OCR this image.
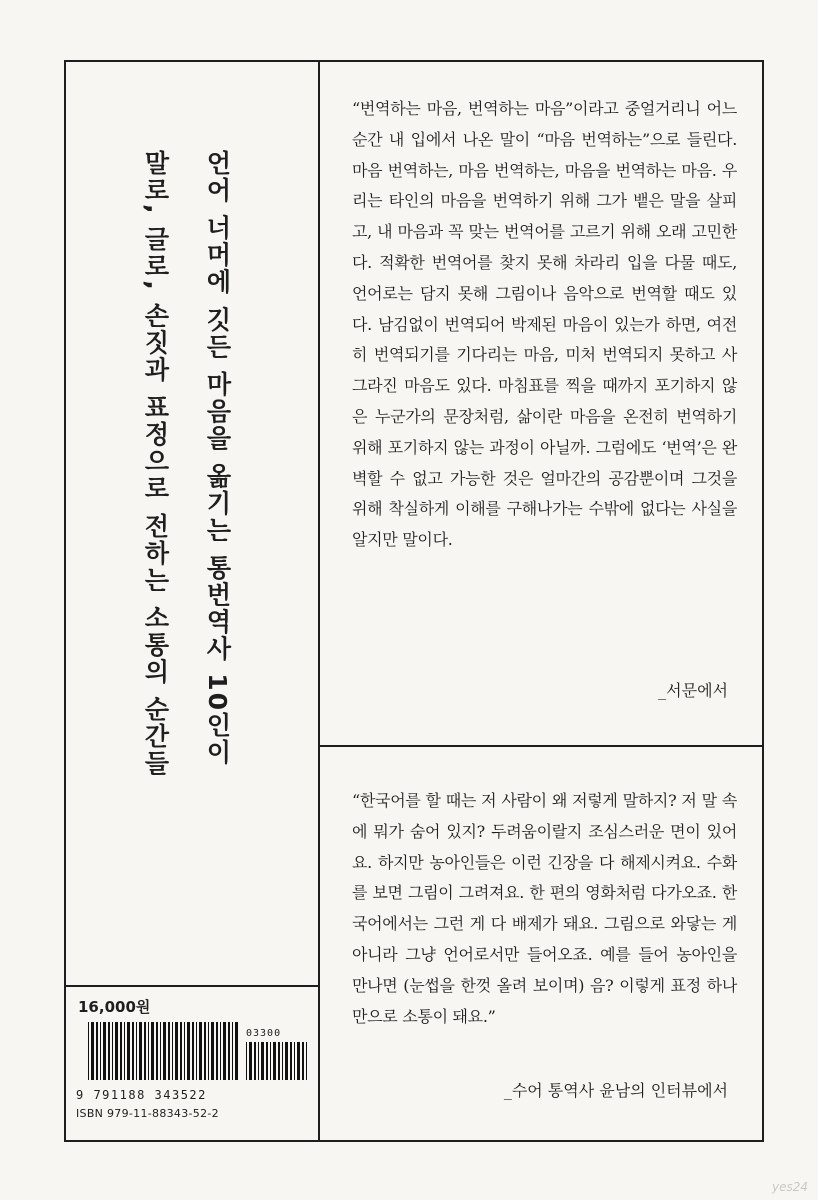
언어 너머에 깃든 마음을 옮기는 통번역사 10인이
말로, 글로, 손짓과 표정으로 전하는 소통의 순간들

“번역하는 마음, 번역하는 마음”이라고 중얼거리니 어느 순간 내 입에서 나온 말이 “마음 번역하는”으로 들린다. 마음 번역하는, 마음 번역하는, 마음을 번역하는 마음. 우리는 타인의 마음을 번역하기 위해 그가 뱉은 말을 살피고, 내 마음과 꼭 맞는 번역어를 고르기 위해 오래 고민한다. 적확한 번역어를 찾지 못해 차라리 입을 다물 때도, 언어로는 담지 못해 그림이나 음악으로 번역할 때도 있다. 남김없이 번역되어 박제된 마음이 있는가 하면, 여전히 번역되기를 기다리는 마음, 미처 번역되지 못하고 사그라진 마음도 있다. 마침표를 찍을 때까지 포기하지 않은 누군가의 문장처럼, 삶이란 마음을 온전히 번역하기 위해 포기하지 않는 과정이 아닐까. 그럼에도 ‘번역’은 완벽할 수 없고 가능한 것은 얼마간의 공감뿐이며 그것을 위해 착실하게 이해를 구해나가는 수밖에 없다는 사실을 알지만 말이다.

_서문에서

“한국어를 할 때는 저 사람이 왜 저렇게 말하지? 저 말 속에 뭐가 숨어 있지? 두려움이랄지 조심스러운 면이 있어요. 하지만 농아인들은 이런 긴장을 다 해제시켜요. 수화를 보면 그림이 그려져요. 한 편의 영화처럼 다가오죠. 한국어에서는 그런 게 다 배제가 돼요. 그림으로 와닿는 게 아니라 그냥 언어로서만 들어오죠. 예를 들어 농아인을 만나면 (눈썹을 한껏 올려 보이며) 음? 이렇게 표정 하나만으로 소통이 돼요.”

_수어 통역사 윤남의 인터뷰에서
16,000원
03300
9 791188 343522
ISBN 979-11-88343-52-2
yes24
